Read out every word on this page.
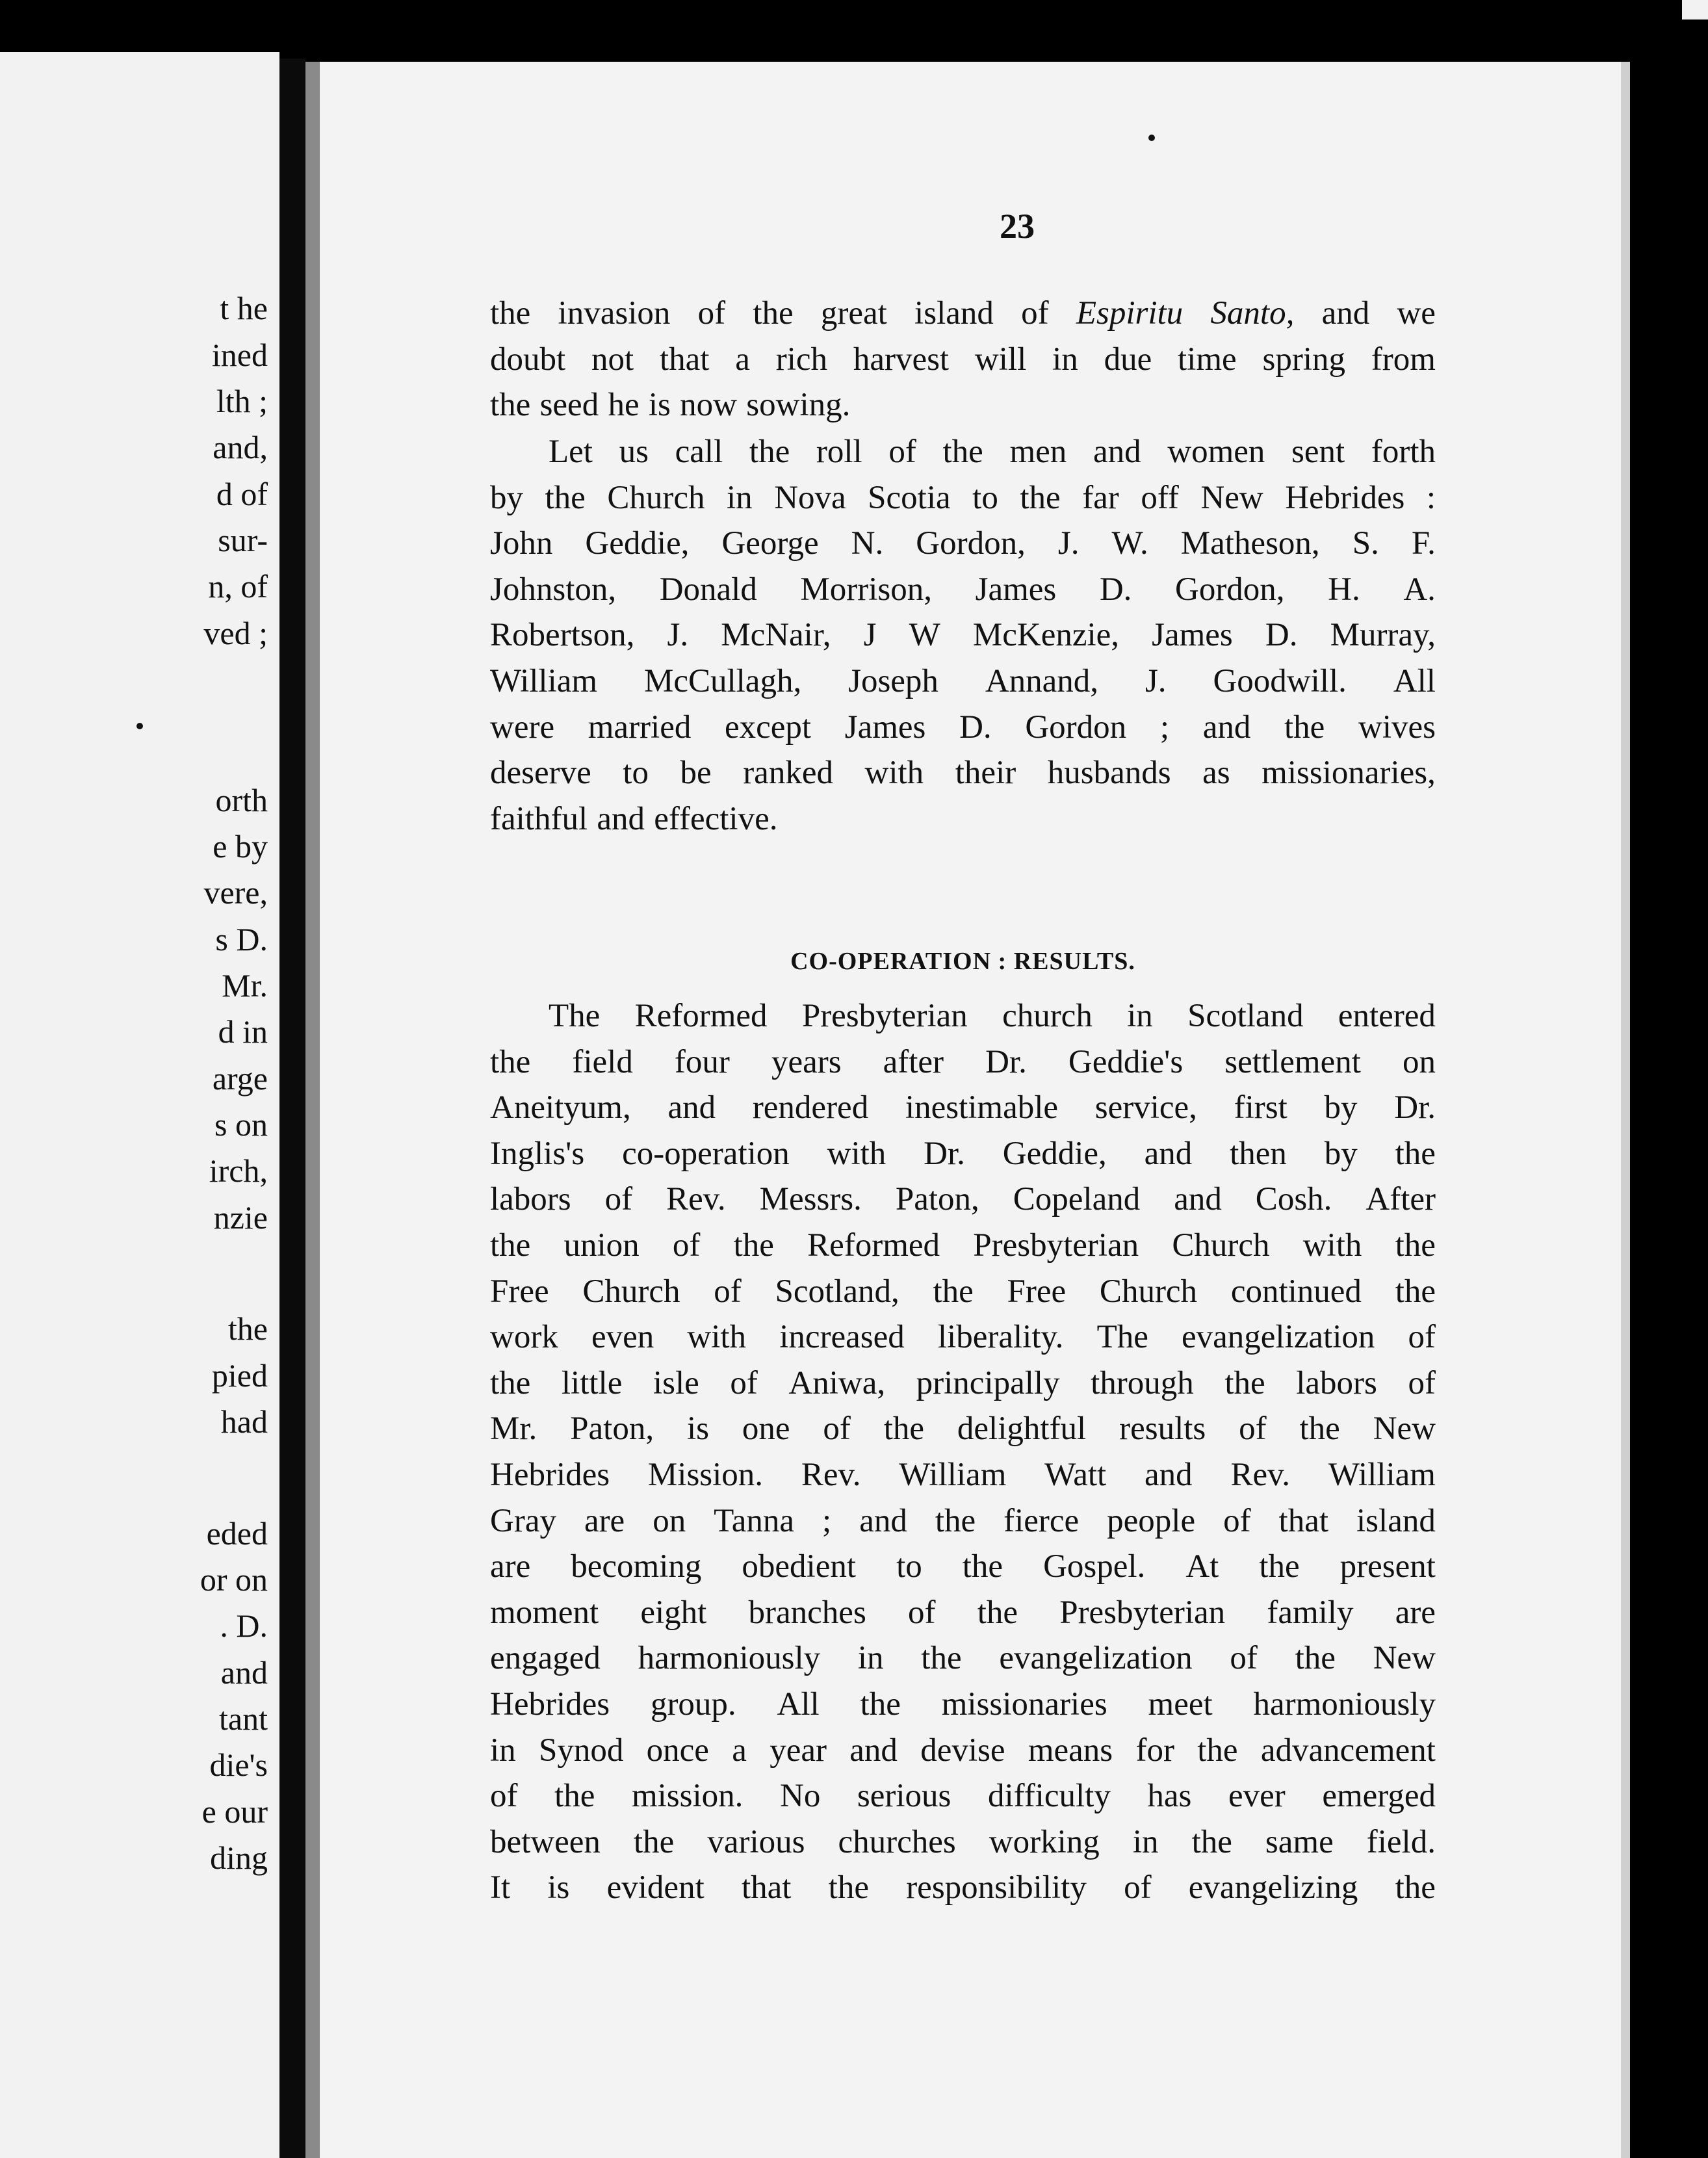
t he
ined
lth ;
and,
d of
sur-
n, of
ved ;
orth
e by
vere,
s D.
Mr.
d in
arge
s on
irch,
nzie
the
pied
had
eded
or on
. D.
and
tant
die's
e our
ding
23
the invasion of the great island of Espiritu Santo, and we
doubt not that a rich harvest will in due time spring from
the seed he is now sowing.
Let us call the roll of the men and women sent forth
by the Church in Nova Scotia to the far off New Hebrides :
John Geddie, George N. Gordon, J. W. Matheson, S. F.
Johnston, Donald Morrison, James D. Gordon, H. A.
Robertson, J. McNair, J W McKenzie, James D. Murray,
William McCullagh, Joseph Annand, J. Goodwill. All
were married except James D. Gordon ; and the wives
deserve to be ranked with their husbands as missionaries,
faithful and effective.
CO-OPERATION : RESULTS.
The Reformed Presbyterian church in Scotland entered
the field four years after Dr. Geddie's settlement on
Aneityum, and rendered inestimable service, first by Dr.
Inglis's co-operation with Dr. Geddie, and then by the
labors of Rev. Messrs. Paton, Copeland and Cosh. After
the union of the Reformed Presbyterian Church with the
Free Church of Scotland, the Free Church continued the
work even with increased liberality. The evangelization of
the little isle of Aniwa, principally through the labors of
Mr. Paton, is one of the delightful results of the New
Hebrides Mission. Rev. William Watt and Rev. William
Gray are on Tanna ; and the fierce people of that island
are becoming obedient to the Gospel. At the present
moment eight branches of the Presbyterian family are
engaged harmoniously in the evangelization of the New
Hebrides group. All the missionaries meet harmoniously
in Synod once a year and devise means for the advancement
of the mission. No serious difficulty has ever emerged
between the various churches working in the same field.
It is evident that the responsibility of evangelizing the
